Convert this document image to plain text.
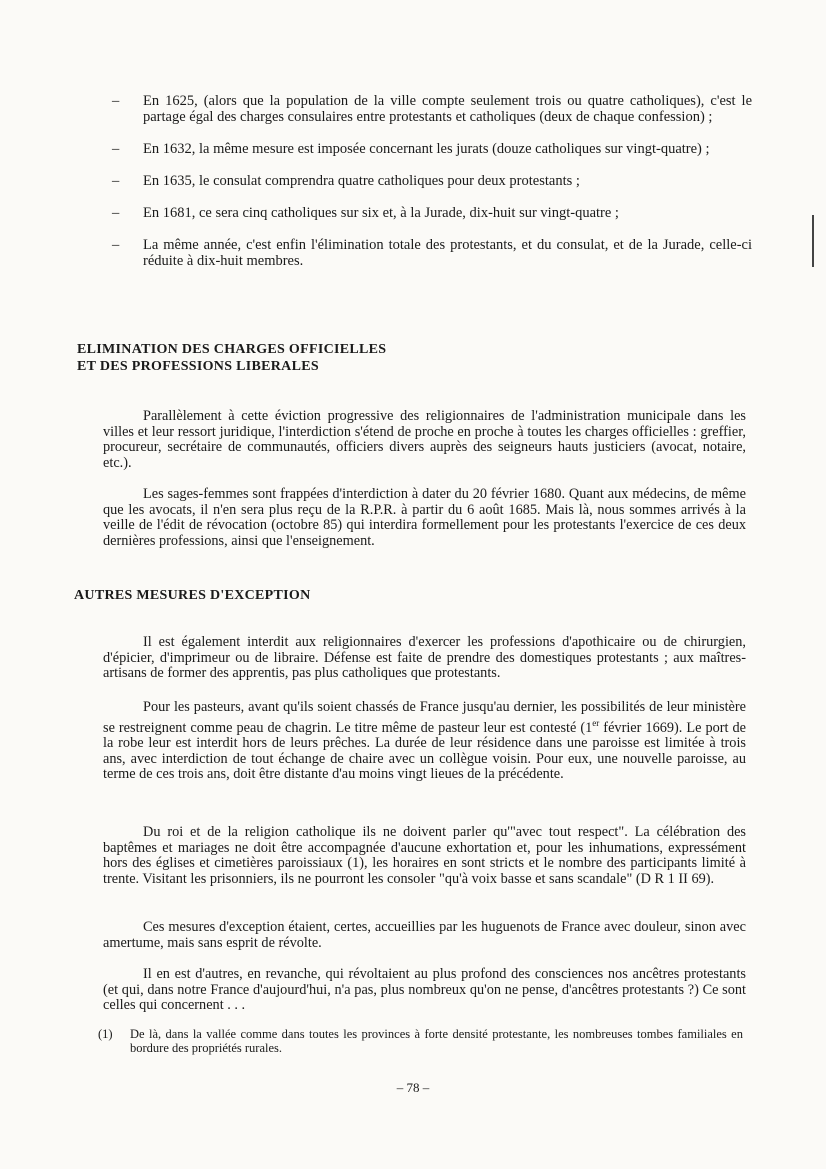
–	En 1625, (alors que la population de la ville compte seulement trois ou quatre catholiques), c'est le partage égal des charges consulaires entre protestants et catholiques (deux de chaque confession) ;
–	En 1632, la même mesure est imposée concernant les jurats (douze catholiques sur vingt-quatre) ;
–	En 1635, le consulat comprendra quatre catholiques pour deux protestants ;
–	En 1681, ce sera cinq catholiques sur six et, à la Jurade, dix-huit sur vingt-quatre ;
–	La même année, c'est enfin l'élimination totale des protestants, et du consulat, et de la Jurade, celle-ci réduite à dix-huit membres.
ELIMINATION DES CHARGES OFFICIELLES
ET DES PROFESSIONS LIBERALES

Parallèlement à cette éviction progressive des religionnaires de l'administration municipale dans les villes et leur ressort juridique, l'interdiction s'étend de proche en proche à toutes les charges officielles : greffier, procureur, secrétaire de communautés, officiers divers auprès des seigneurs hauts justiciers (avocat, notaire, etc.).

Les sages-femmes sont frappées d'interdiction à dater du 20 février 1680. Quant aux médecins, de même que les avocats, il n'en sera plus reçu de la R.P.R. à partir du 6 août 1685. Mais là, nous sommes arrivés à la veille de l'édit de révocation (octobre 85) qui interdira formellement pour les protestants l'exercice de ces deux dernières professions, ainsi que l'enseignement.

AUTRES MESURES D'EXCEPTION

Il est également interdit aux religionnaires d'exercer les professions d'apothicaire ou de chirurgien, d'épicier, d'imprimeur ou de libraire. Défense est faite de prendre des domestiques protestants ; aux maîtres-artisans de former des apprentis, pas plus catholiques que protestants.

Pour les pasteurs, avant qu'ils soient chassés de France jusqu'au dernier, les possibilités de leur ministère se restreignent comme peau de chagrin. Le titre même de pasteur leur est contesté (1er février 1669). Le port de la robe leur est interdit hors de leurs prêches. La durée de leur résidence dans une paroisse est limitée à trois ans, avec interdiction de tout échange de chaire avec un collègue voisin. Pour eux, une nouvelle paroisse, au terme de ces trois ans, doit être distante d'au moins vingt lieues de la précédente.

Du roi et de la religion catholique ils ne doivent parler qu'"avec tout respect". La célébration des baptêmes et mariages ne doit être accompagnée d'aucune exhortation et, pour les inhumations, expressément hors des églises et cimetières paroissiaux (1), les horaires en sont stricts et le nombre des participants limité à trente. Visitant les prisonniers, ils ne pourront les consoler "qu'à voix basse et sans scandale" (D R 1 II 69).

Ces mesures d'exception étaient, certes, accueillies par les huguenots de France avec douleur, sinon avec amertume, mais sans esprit de révolte.

Il en est d'autres, en revanche, qui révoltaient au plus profond des consciences nos ancêtres protestants (et qui, dans notre France d'aujourd'hui, n'a pas, plus nombreux qu'on ne pense, d'ancêtres protestants ?) Ce sont celles qui concernent . . .

(1)	De là, dans la vallée comme dans toutes les provinces à forte densité protestante, les nombreuses tombes familiales en bordure des propriétés rurales.
– 78 –
